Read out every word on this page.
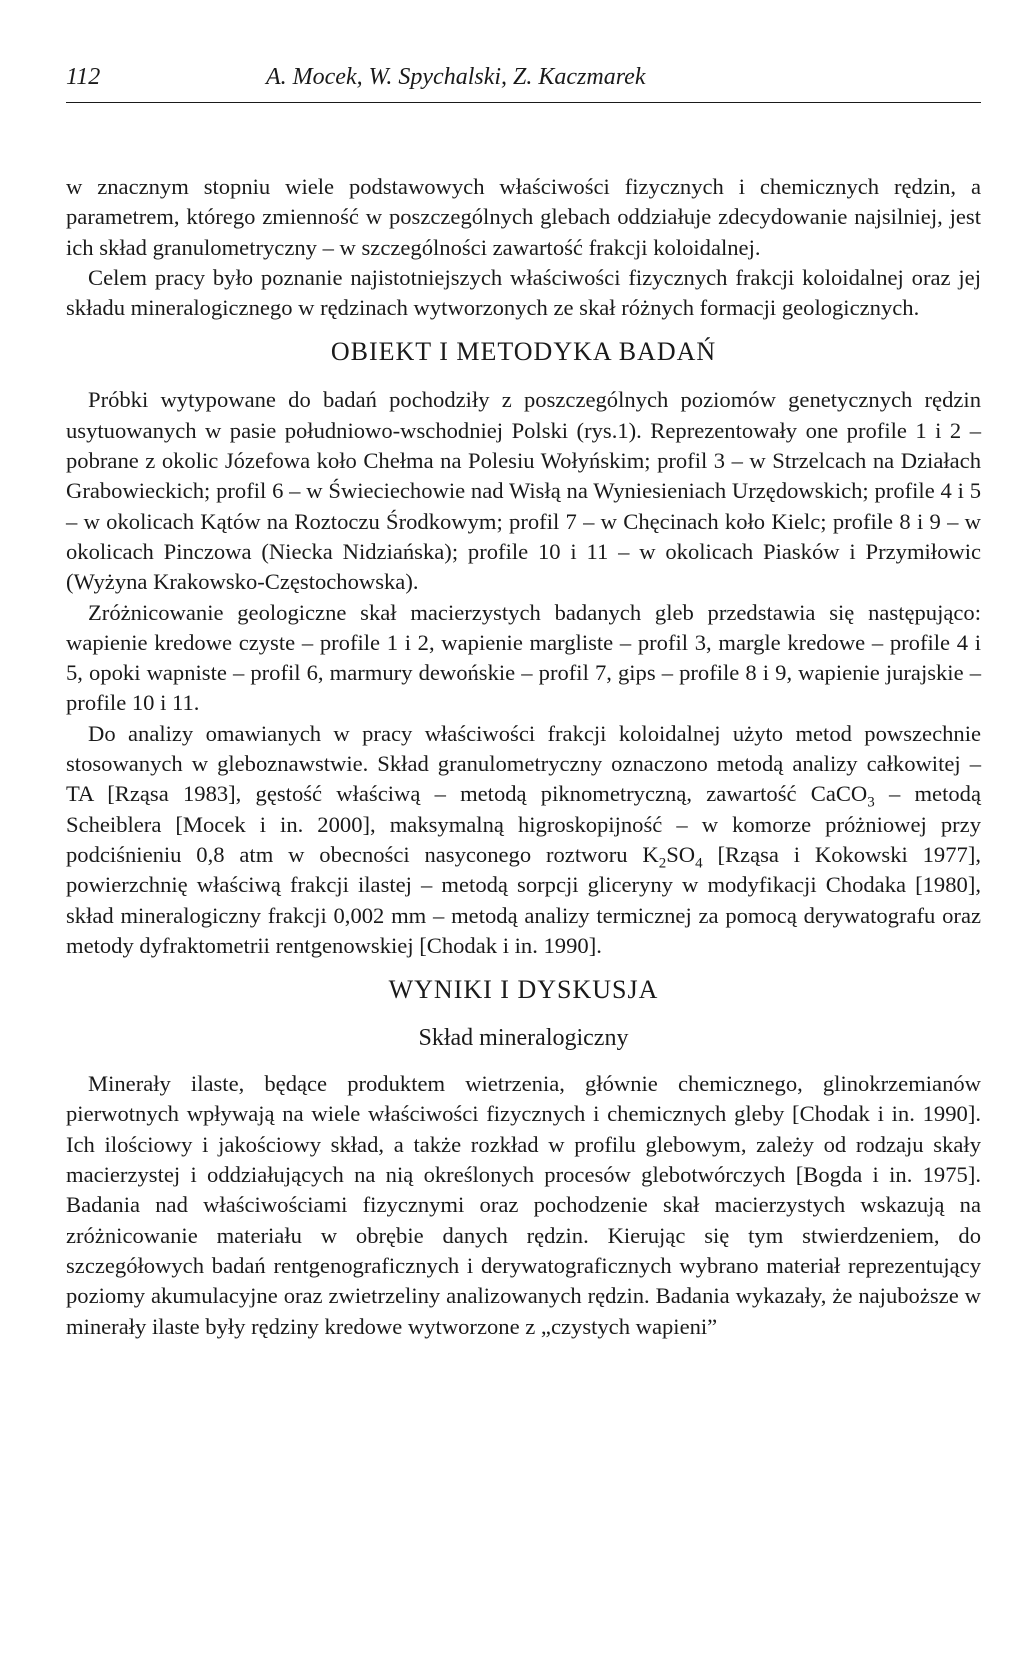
112	A. Mocek, W. Spychalski, Z. Kaczmarek

w znacznym stopniu wiele podstawowych właściwości fizycznych i chemicznych rędzin, a parametrem, którego zmienność w poszczególnych glebach oddziałuje zdecydowanie najsilniej, jest ich skład granulometryczny – w szczególności zawartość frakcji koloidalnej.

Celem pracy było poznanie najistotniejszych właściwości fizycznych frakcji koloidalnej oraz jej składu mineralogicznego w rędzinach wytworzonych ze skał różnych formacji geologicznych.

OBIEKT I METODYKA BADAŃ

Próbki wytypowane do badań pochodziły z poszczególnych poziomów genetycznych rędzin usytuowanych w pasie południowo-wschodniej Polski (rys.1). Reprezentowały one profile 1 i 2 – pobrane z okolic Józefowa koło Chełma na Polesiu Wołyńskim; profil 3 – w Strzelcach na Działach Grabowieckich; profil 6 – w Świeciechowie nad Wisłą na Wyniesieniach Urzędowskich; profile 4 i 5 – w okolicach Kątów na Roztoczu Środkowym; profil 7 – w Chęcinach koło Kielc; profile 8 i 9 – w okolicach Pinczowa (Niecka Nidziańska); profile 10 i 11 – w okolicach Piasków i Przymiłowic (Wyżyna Krakowsko-Częstochowska).

Zróżnicowanie geologiczne skał macierzystych badanych gleb przedstawia się następująco: wapienie kredowe czyste – profile 1 i 2, wapienie margliste – profil 3, margle kredowe – profile 4 i 5, opoki wapniste – profil 6, marmury dewońskie – profil 7, gips – profile 8 i 9, wapienie jurajskie – profile 10 i 11.

Do analizy omawianych w pracy właściwości frakcji koloidalnej użyto metod powszechnie stosowanych w gleboznawstwie. Skład granulometryczny oznaczono metodą analizy całkowitej – TA [Rząsa 1983], gęstość właściwą – metodą piknometryczną, zawartość CaCO$_3$ – metodą Scheiblera [Mocek i in. 2000], maksymalną higroskopijność – w komorze próżniowej przy podciśnieniu 0,8 atm w obecności nasyconego roztworu $K_2SO_4$ [Rząsa i Kokowski 1977], powierzchnię właściwą frakcji ilastej – metodą sorpcji gliceryny w modyfikacji Chodaka [1980], skład mineralogiczny frakcji 0,002 mm – metodą analizy termicznej za pomocą derywatografu oraz metody dyfraktometrii rentgenowskiej [Chodak i in. 1990].

WYNIKI I DYSKUSJA
Skład mineralogiczny

Minerały ilaste, będące produktem wietrzenia, głównie chemicznego, glinokrzemianów pierwotnych wpływają na wiele właściwości fizycznych i chemicznych gleby [Chodak i in. 1990]. Ich ilościowy i jakościowy skład, a także rozkład w profilu glebowym, zależy od rodzaju skały macierzystej i oddziałujących na nią określonych procesów glebotwórczych [Bogda i in. 1975]. Badania nad właściwościami fizycznymi oraz pochodzenie skał macierzystych wskazują na zróżnicowanie materiału w obrębie danych rędzin. Kierując się tym stwierdzeniem, do szczegółowych badań rentgenograficznych i derywatograficznych wybrano materiał reprezentujący poziomy akumulacyjne oraz zwietrzeliny analizowanych rędzin. Badania wykazały, że najuboższe w minerały ilaste były rędziny kredowe wytworzone z „czystych wapieni”
